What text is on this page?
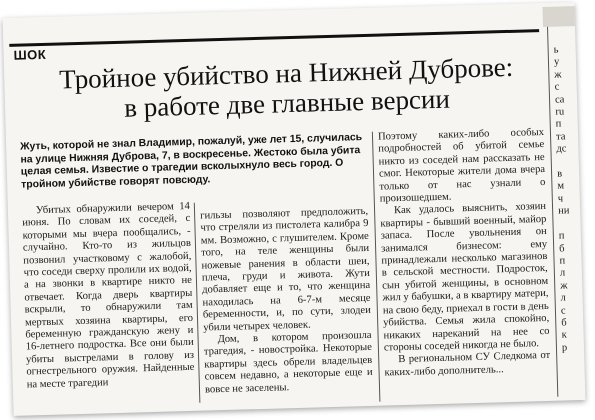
ШОК Тройное убийство на Нижней Дуброве:
в работе две главные версии
Жуть, которой не знал Владимир, пожалуй, уже лет 15, случилась на улице Нижняя Дуброва, 7, в воскресенье. Жестоко была убита целая семья. Известие о трагедии всколыхнуло весь город. О тройном убийстве говорят повсюду.

Убитых обнаружили вечером 14 июня. По словам их соседей, с которыми мы вчера пообщались, - случайно. Кто-то из жильцов позвонил участковому с жалобой, что соседи сверху пролили их водой, а на звонки в квартире никто не отвечает. Когда дверь квартиры вскрыли, то обнаружили там мертвых хозяина квартиры, его беременную гражданскую жену и 16-летнего подростка. Все они были убиты выстрелами в голову из огнестрельного оружия. Найденные на месте трагедии

гильзы позволяют предположить, что стреляли из пистолета калибра 9 мм. Возможно, с глушителем. Кроме того, на теле женщины были ножевые ранения в области шеи, плеча, груди и живота. Жути добавляет еще и то, что женщина находилась на 6-7-м месяце беременности, и, по сути, злодеи убили четырех человек.

Дом, в котором произошла трагедия, - новостройка. Некоторые квартиры здесь обрели владельцев совсем недавно, а некоторые еще и вовсе не заселены.

Поэтому каких-либо особых подробностей об убитой семье никто из соседей нам рассказать не смог. Некоторые жители дома вчера только от нас узнали о произошедшем.

Как удалось выяснить, хозяин квартиры - бывший военный, майор запаса. После увольнения он занимался бизнесом: ему принадлежали несколько магазинов в сельской местности. Подросток, сын убитой женщины, в основном жил у бабушки, а в квартиру матери, на свою беду, приехал в гости в день убийства. Семья жила спокойно, никаких нареканий на нее со стороны соседей никогда не было.

В региональном СУ Следкома от каких-либо дополнитель...

ь
у
ж
с
ca
ru
п
та
дс

в
м
ч
ни

п
б
п
л
ж
л
с
б
к
р
